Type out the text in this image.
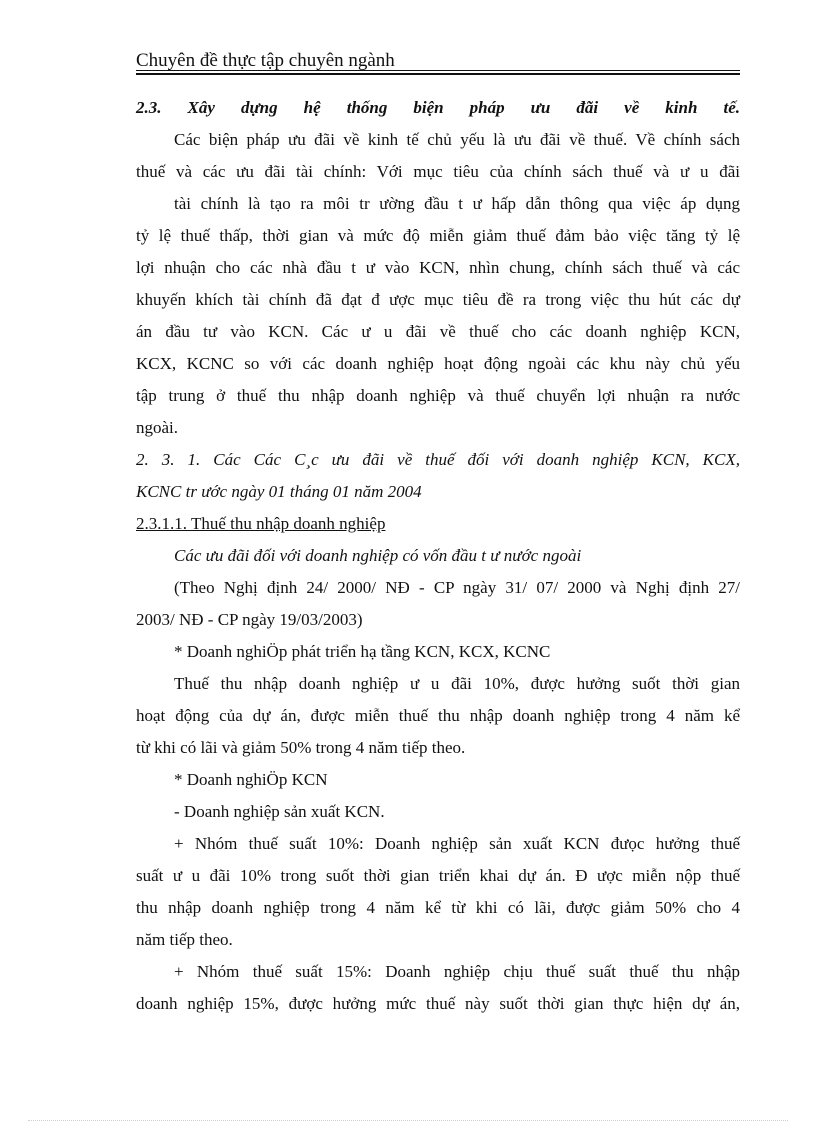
Chuyên đề thực tập chuyên ngành
2.3. Xây dựng hệ thống biện pháp ưu đãi về kinh tế.
Các biện pháp ưu đãi về kinh tế chủ yếu là ưu đãi về thuế. Về chính sách
thuế và các ưu đãi tài chính: Với mục tiêu của chính sách thuế và ư u đãi
tài chính là tạo ra môi tr ường đầu t ư hấp dẫn thông qua việc áp dụng
tỷ lệ thuế thấp, thời gian và mức độ miễn giảm thuế đảm bảo việc tăng tỷ lệ
lợi nhuận cho các nhà đầu t ư vào KCN, nhìn chung, chính sách thuế và các
khuyến khích tài chính đã đạt đ ược mục tiêu đề ra trong việc thu hút các dự
án đầu tư vào KCN. Các ư u đãi về thuế cho các doanh nghiệp KCN,
KCX, KCNC so với các doanh nghiệp hoạt động ngoài các khu này chủ yếu
tập trung ở thuế thu nhập doanh nghiệp và thuế chuyển lợi nhuận ra nước
ngoài.
2. 3. 1. Các Các C¸c ưu đãi về thuế đối với doanh nghiệp KCN, KCX,
KCNC tr ước ngày 01 tháng 01 năm 2004
2.3.1.1. Thuế thu nhập doanh nghiệp
Các ưu đãi đối với doanh nghiệp có vốn đầu t ư nước ngoài
(Theo Nghị định 24/ 2000/ NĐ - CP ngày 31/ 07/ 2000 và Nghị định 27/
2003/ NĐ - CP ngày 19/03/2003)
* Doanh nghiÖp phát triển hạ tầng KCN, KCX, KCNC
Thuế thu nhập doanh nghiệp ư u đãi 10%, được hưởng suốt thời gian
hoạt động của dự án, được miễn thuế thu nhập doanh nghiệp trong 4 năm kể
từ khi có lãi và giảm 50% trong 4 năm tiếp theo.
* Doanh nghiÖp KCN
- Doanh nghiệp sản xuất KCN.
+ Nhóm thuế suất 10%: Doanh nghiệp sản xuất KCN đưọc hưởng thuế
suất ư u đãi 10% trong suốt thời gian triển khai dự án. Đ ược miễn nộp thuế
thu nhập doanh nghiệp trong 4 năm kể từ khi có lãi, được giảm 50% cho 4
năm tiếp theo.
+ Nhóm thuế suất 15%: Doanh nghiệp chịu thuế suất thuế thu nhập
doanh nghiệp 15%, được hưởng mức thuế này suốt thời gian thực hiện dự án,
